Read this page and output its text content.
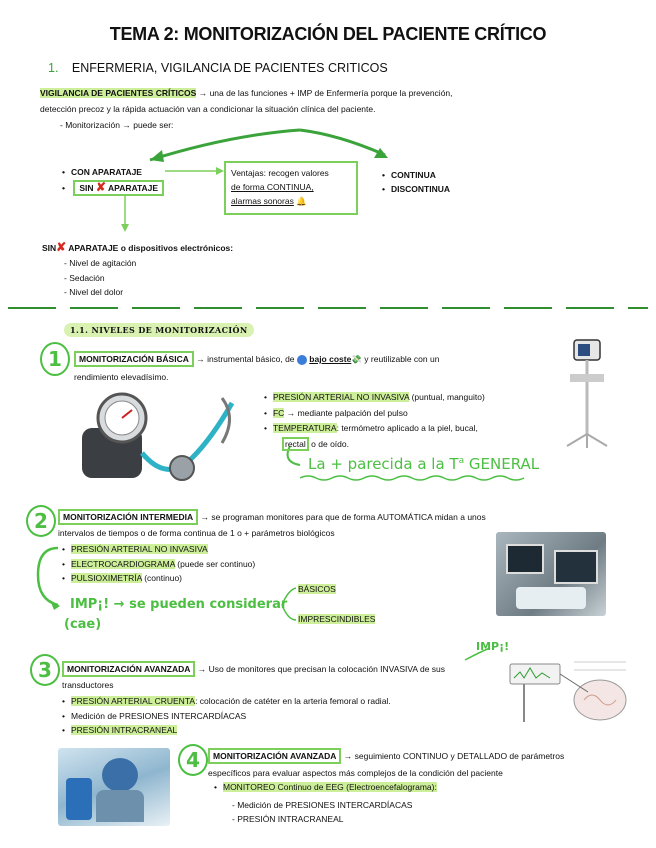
TEMA 2: MONITORIZACIÓN DEL PACIENTE CRÍTICO
1. ENFERMERIA, VIGILANCIA DE PACIENTES CRITICOS
VIGILANCIA DE PACIENTES CRÍTICOS → una de las funciones + IMP de Enfermería porque la prevención,
detección precoz y la rápida actuación van a condicionar la situación clínica del paciente.
- Monitorización → puede ser:
• CON APARATAJE
• SIN ✘ APARATAJE
Ventajas: recogen valores
de forma CONTINUA,
alarmas sonoras 🔔
• CONTINUA
• DISCONTINUA
SIN✘ APARATAJE o dispositivos electrónicos:
- Nivel de agitación
- Sedación
- Nivel del dolor
1.1. NIVELES DE MONITORIZACIÓN
1	MONITORIZACIÓN BÁSICA → instrumental básico, de bajo coste💸 y reutilizable con un
rendimiento elevadísimo.
• PRESIÓN ARTERIAL NO INVASIVA (puntual, manguito)
• FC → mediante palpación del pulso
• TEMPERATURA: termómetro aplicado a la piel, bucal,
rectal o de oído.
La + parecida a la $T^a$ GENERAL
2	MONITORIZACIÓN INTERMEDIA → se programan monitores para que de forma AUTOMÁTICA midan a unos
intervalos de tiempos o de forma continua de 1 o + parámetros biológicos
• PRESIÓN ARTERIAL NO INVASIVA
• ELECTROCARDIOGRAMA (puede ser continuo)
• PULSIOXIMETRÍA (continuo)
IMP¡! → se pueden considerar
(cae)
BÁSICOS
IMPRESCINDIBLES
3	MONITORIZACIÓN AVANZADA → Uso de monitores que precisan la colocación INVASIVA de sus
transductores
IMP¡!
• PRESIÓN ARTERIAL CRUENTA: colocación de catéter en la arteria femoral o radial.
• Medición de PRESIONES INTERCARDÍACAS
• PRESIÓN INTRACRANEAL
4	MONITORIZACIÓN AVANZADA → seguimiento CONTINUO y DETALLADO de parámetros
específicos para evaluar aspectos más complejos de la condición del paciente
• MONITOREO Continuo de EEG (Electroencefalograma):
- Medición de PRESIONES INTERCARDÍACAS
- PRESIÓN INTRACRANEAL
